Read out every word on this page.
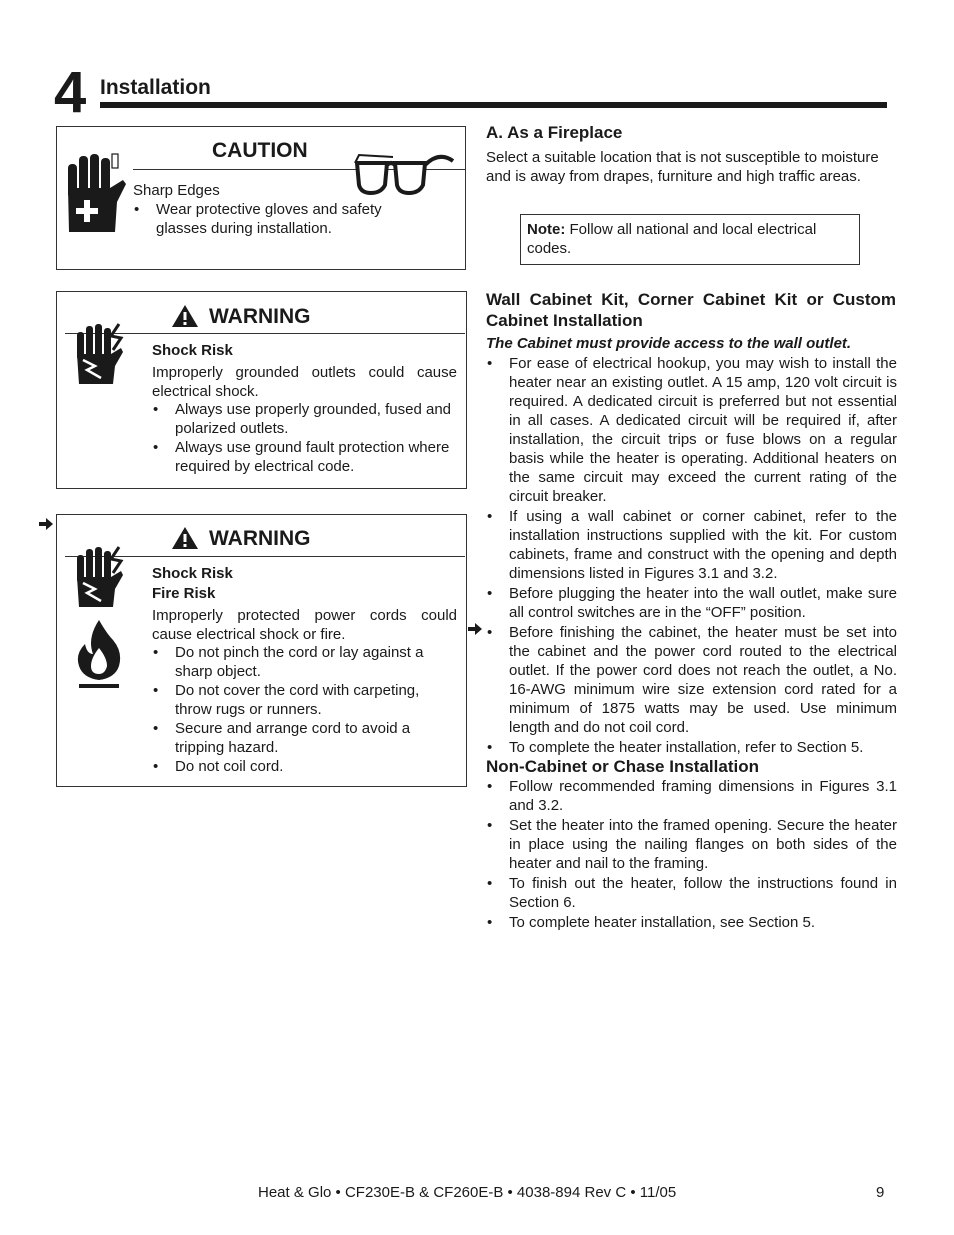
4 Installation
CAUTION
Sharp Edges
• Wear protective gloves and safety glasses during installation.
WARNING
Shock Risk
Improperly grounded outlets could cause electrical shock.
• Always use properly grounded, fused and polarized outlets.
• Always use ground fault protection where required by electrical code.
WARNING
Shock Risk
Fire Risk
Improperly protected power cords could cause electrical shock or fire.
• Do not pinch the cord or lay against a sharp object.
• Do not cover the cord with carpeting, throw rugs or runners.
• Secure and arrange cord to avoid a tripping hazard.
• Do not coil cord.
A. As a Fireplace
Select a suitable location that is not susceptible to moisture and is away from drapes, furniture and high traffic areas.
Note: Follow all national and local electrical codes.
Wall Cabinet Kit, Corner Cabinet Kit or Custom Cabinet Installation
The Cabinet must provide access to the wall outlet.
• For ease of electrical hookup, you may wish to install the heater near an existing outlet. A 15 amp, 120 volt circuit is required. A dedicated circuit is preferred but not essential in all cases. A dedicated circuit will be required if, after installation, the circuit trips or fuse blows on a regular basis while the heater is operating. Additional heaters on the same circuit may exceed the current rating of the circuit breaker.
• If using a wall cabinet or corner cabinet, refer to the installation instructions supplied with the kit. For custom cabinets, frame and construct with the opening and depth dimensions listed in Figures 3.1 and 3.2.
• Before plugging the heater into the wall outlet, make sure all control switches are in the “OFF” position.
• Before finishing the cabinet, the heater must be set into the cabinet and the power cord routed to the electrical outlet. If the power cord does not reach the outlet, a No. 16-AWG minimum wire size extension cord rated for a minimum of 1875 watts may be used. Use minimum length and do not coil cord.
• To complete the heater installation, refer to Section 5.
Non-Cabinet or Chase Installation
• Follow recommended framing dimensions in Figures 3.1 and 3.2.
• Set the heater into the framed opening. Secure the heater in place using the nailing flanges on both sides of the heater and nail to the framing.
• To finish out the heater, follow the instructions found in Section 6.
• To complete heater installation, see Section 5.
Heat & Glo • CF230E-B & CF260E-B • 4038-894 Rev C • 11/05	9
